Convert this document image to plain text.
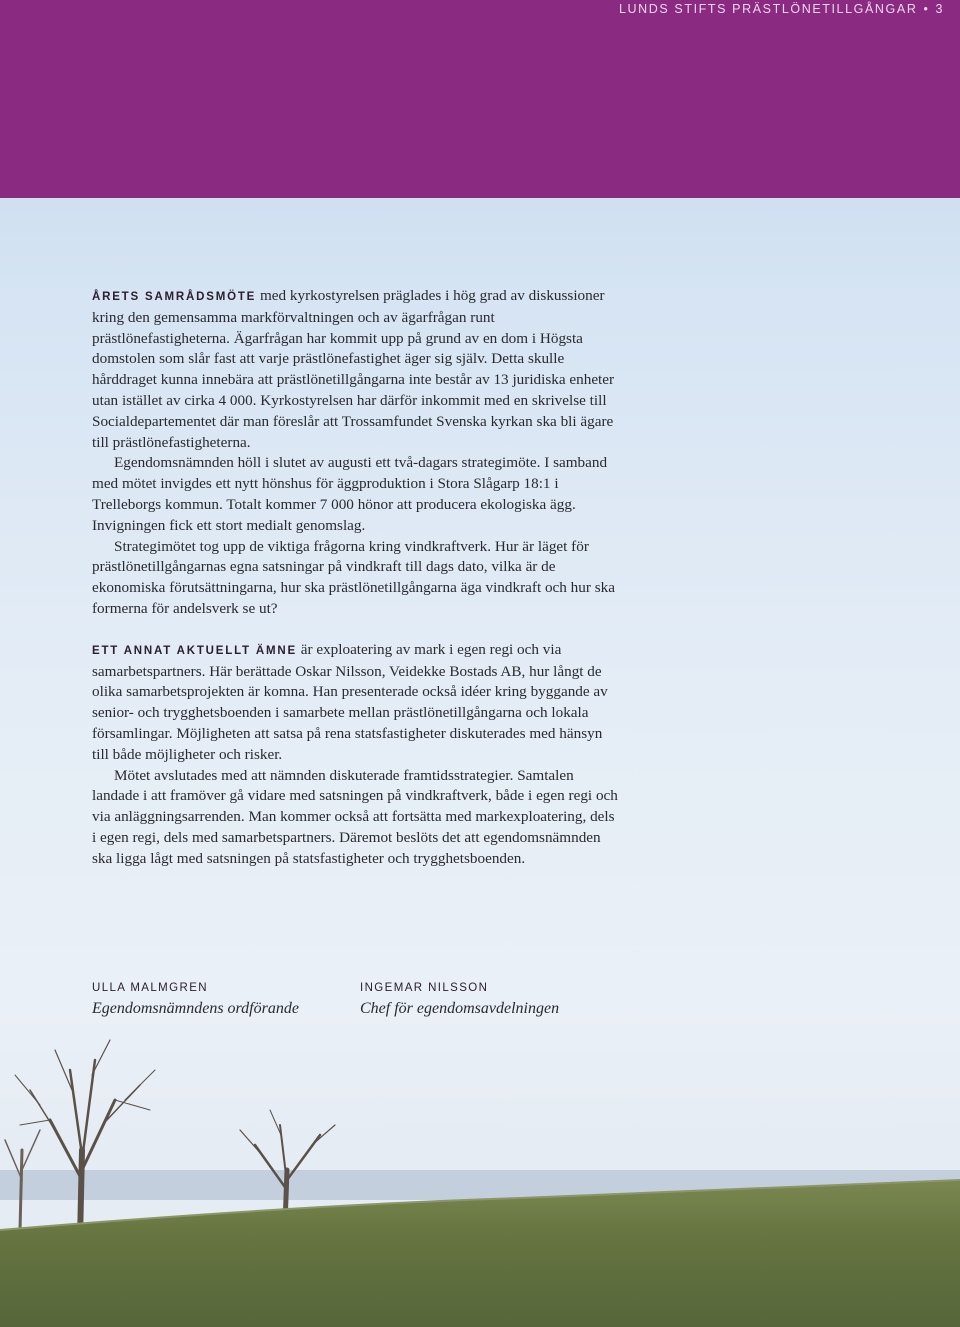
LUNDS STIFTS PRÄSTLÖNETILLGÅNGAR • 3

ÅRETS SAMRÅDSMÖTE med kyrkostyrelsen präglades i hög grad av diskussioner kring den gemensamma markförvaltningen och av ägarfrågan runt prästlönefastigheterna. Ägarfrågan har kommit upp på grund av en dom i Högsta domstolen som slår fast att varje prästlönefastighet äger sig själv. Detta skulle hårddraget kunna innebära att prästlönetillgångarna inte består av 13 juridiska enheter utan istället av cirka 4 000. Kyrkostyrelsen har därför inkommit med en skrivelse till Socialdepartementet där man föreslår att Trossamfundet Svenska kyrkan ska bli ägare till prästlönefastigheterna.

Egendomsnämnden höll i slutet av augusti ett två-dagars strategimöte. I samband med mötet invigdes ett nytt hönshus för äggproduktion i Stora Slågarp 18:1 i Trelleborgs kommun. Totalt kommer 7 000 hönor att producera ekologiska ägg. Invigningen fick ett stort medialt genomslag.

Strategimötet tog upp de viktiga frågorna kring vindkraftverk. Hur är läget för prästlönetillgångarnas egna satsningar på vindkraft till dags dato, vilka är de ekonomiska förutsättningarna, hur ska prästlönetillgångarna äga vindkraft och hur ska formerna för andelsverk se ut?

ETT ANNAT AKTUELLT ÄMNE är exploatering av mark i egen regi och via samarbetspartners. Här berättade Oskar Nilsson, Veidekke Bostads AB, hur långt de olika samarbetsprojekten är komna. Han presenterade också idéer kring byggande av senior- och trygghetsboenden i samarbete mellan prästlönetillgångarna och lokala församlingar. Möjligheten att satsa på rena statsfastigheter diskuterades med hänsyn till både möjligheter och risker.

Mötet avslutades med att nämnden diskuterade framtidsstrategier. Samtalen landade i att framöver gå vidare med satsningen på vindkraftverk, både i egen regi och via anläggningsarrenden. Man kommer också att fortsätta med markexploatering, dels i egen regi, dels med samarbetspartners. Däremot beslöts det att egendomsnämnden ska ligga lågt med satsningen på statsfastigheter och trygghetsboenden.

ULLA MALMGREN
Egendomsnämndens ordförande
INGEMAR NILSSON
Chef för egendomsavdelningen
